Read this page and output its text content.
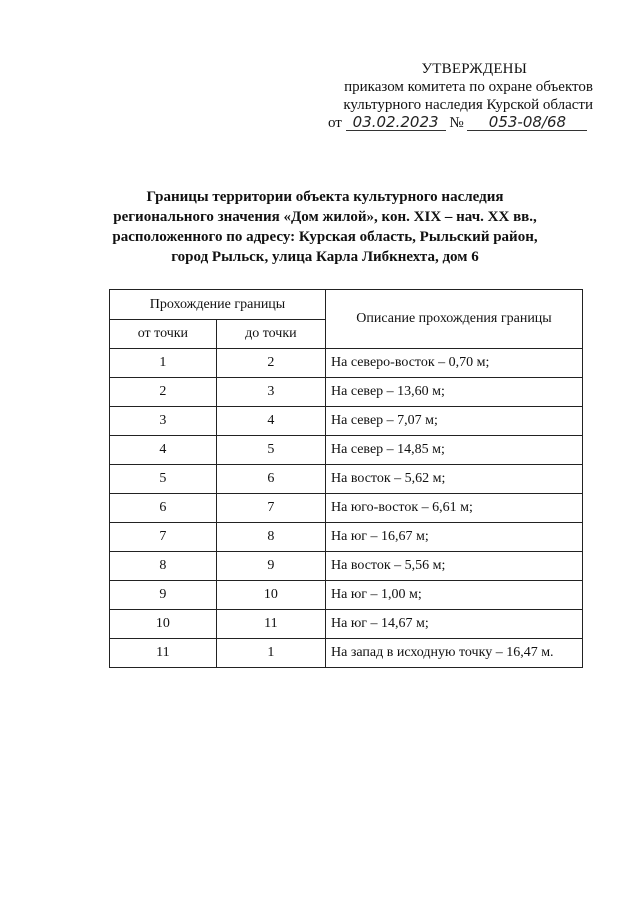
УТВЕРЖДЕНЫ
приказом комитета по охране объектов
культурного наследия Курской области
от 03.02.2023 № 053-08/68
Границы территории объекта культурного наследия
регионального значения «Дом жилой», кон. XIX – нач. XX вв.,
расположенного по адресу: Курская область, Рыльский район,
город Рыльск, улица Карла Либкнехта, дом 6
Прохождение границы		Описание прохождения границы
от точки	до точки	
1	2	На северо-восток – 0,70 м;
2	3	На север – 13,60 м;
3	4	На север – 7,07 м;
4	5	На север – 14,85 м;
5	6	На восток – 5,62 м;
6	7	На юго-восток – 6,61 м;
7	8	На юг – 16,67 м;
8	9	На восток – 5,56 м;
9	10	На юг – 1,00 м;
10	11	На юг – 14,67 м;
11	1	На запад в исходную точку – 16,47 м.
